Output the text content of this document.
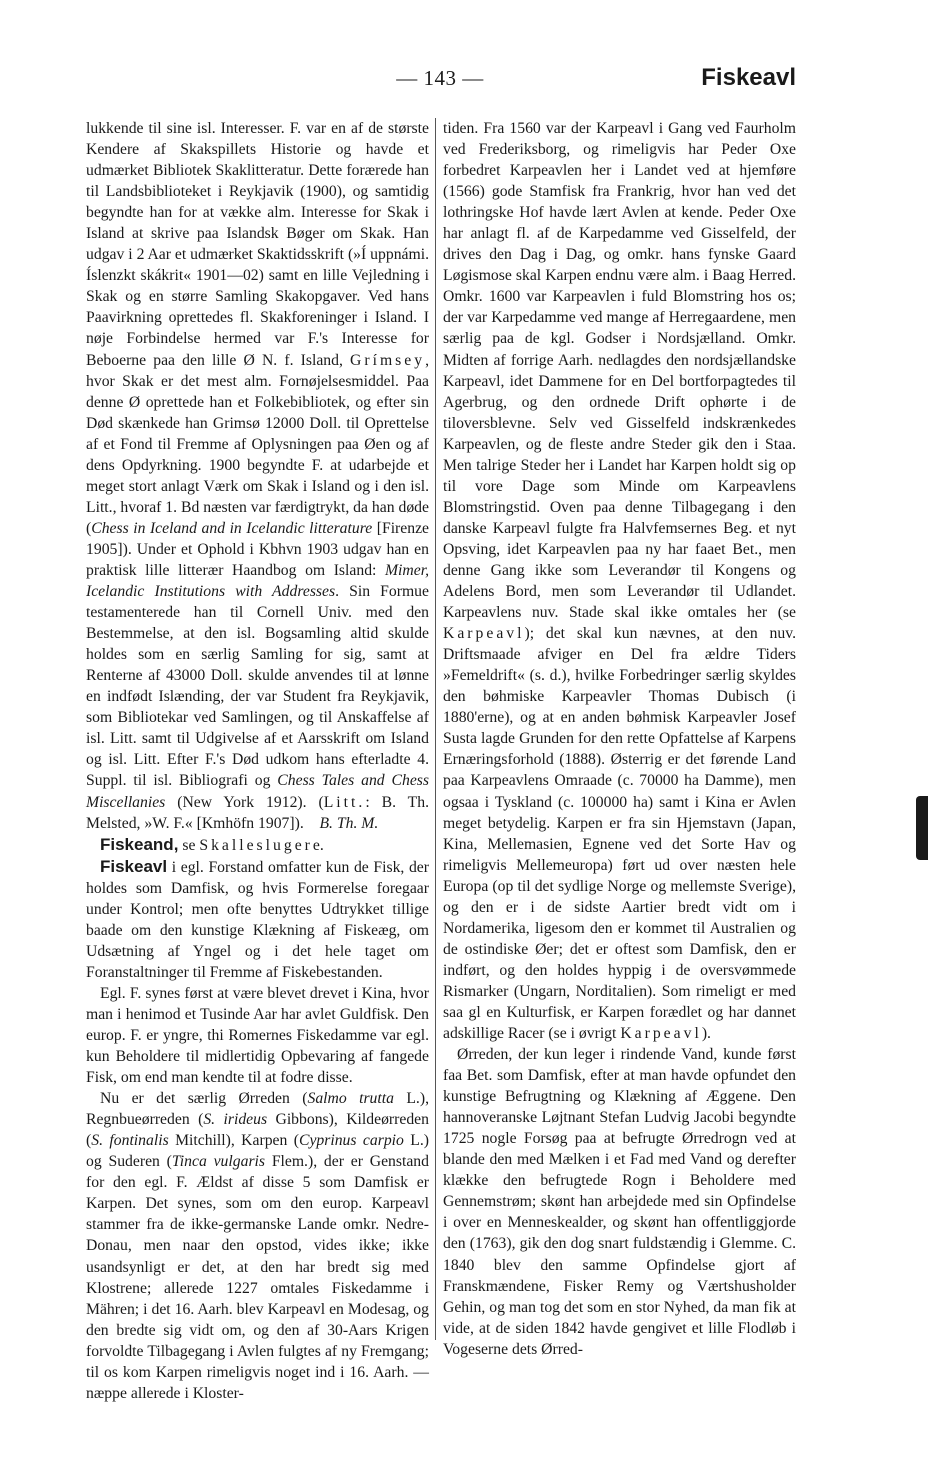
— 143 —	Fiskeavl

lukkende til sine isl. Interesser. F. var en af de største Kendere af Skakspillets Historie og havde et udmærket Bibliotek Skaklitteratur. Dette forærede han til Landsbiblioteket i Reykjavik (1900), og samtidig begyndte han for at vække alm. Interesse for Skak i Island at skrive paa Islandsk Bøger om Skak. Han udgav i 2 Aar et udmærket Skaktidsskrift (»Í uppnámi. Íslenzkt skákrit« 1901—02) samt en lille Vejledning i Skak og en større Samling Skakopgaver. Ved hans Paavirkning oprettedes fl. Skakforeninger i Island. I nøje Forbindelse hermed var F.'s Interesse for Beboerne paa den lille Ø N. f. Island, Grímsey, hvor Skak er det mest alm. Fornøjelsesmiddel. Paa denne Ø oprettede han et Folkebibliotek, og efter sin Død skænkede han Grimsø 12000 Doll. til Oprettelse af et Fond til Fremme af Oplysningen paa Øen og af dens Opdyrkning. 1900 begyndte F. at udarbejde et meget stort anlagt Værk om Skak i Island og i den isl. Litt., hvoraf 1. Bd næsten var færdigtrykt, da han døde (Chess in Iceland and in Icelandic litterature [Firenze 1905]). Under et Ophold i Kbhvn 1903 udgav han en praktisk lille litterær Haandbog om Island: Mimer, Icelandic Institutions with Addresses. Sin Formue testamenterede han til Cornell Univ. med den Bestemmelse, at den isl. Bogsamling altid skulde holdes som en særlig Samling for sig, samt at Renterne af 43000 Doll. skulde anvendes til at lønne en indfødt Islænding, der var Student fra Reykjavik, som Bibliotekar ved Samlingen, og til Anskaffelse af isl. Litt. samt til Udgivelse af et Aarsskrift om Island og isl. Litt. Efter F.'s Død udkom hans efterladte 4. Suppl. til isl. Bibliografi og Chess Tales and Chess Miscellanies (New York 1912). (Litt.: B. Th. Melsted, »W. F.« [Kmhöfn 1907]). B. Th. M.

Fiskeand, se Skalleslugere.

Fiskeavl i egl. Forstand omfatter kun de Fisk, der holdes som Damfisk, og hvis Formerelse foregaar under Kontrol; men ofte benyttes Udtrykket tillige baade om den kunstige Klækning af Fiskeæg, om Udsætning af Yngel og i det hele taget om Foranstaltninger til Fremme af Fiskebestanden.

Egl. F. synes først at være blevet drevet i Kina, hvor man i henimod et Tusinde Aar har avlet Guldfisk. Den europ. F. er yngre, thi Romernes Fiskedamme var egl. kun Beholdere til midlertidig Opbevaring af fangede Fisk, om end man kendte til at fodre disse.

Nu er det særlig Ørreden (Salmo trutta L.), Regnbueørreden (S. irideus Gibbons), Kildeørreden (S. fontinalis Mitchill), Karpen (Cyprinus carpio L.) og Suderen (Tinca vulgaris Flem.), der er Genstand for den egl. F. Ældst af disse 5 som Damfisk er Karpen. Det synes, som om den europ. Karpeavl stammer fra de ikke-germanske Lande omkr. Nedre-Donau, men naar den opstod, vides ikke; ikke usandsynligt er det, at den har bredt sig med Klostrene; allerede 1227 omtales Fiskedamme i Mähren; i det 16. Aarh. blev Karpeavl en Modesag, og den bredte sig vidt om, og den af 30-Aars Krigen forvoldte Tilbagegang i Avlen fulgtes af ny Fremgang; til os kom Karpen rimeligvis noget ind i 16. Aarh. — næppe allerede i Kloster-

tiden. Fra 1560 var der Karpeavl i Gang ved Faurholm ved Frederiksborg, og rimeligvis har Peder Oxe forbedret Karpeavlen her i Landet ved at hjemføre (1566) gode Stamfisk fra Frankrig, hvor han ved det lothringske Hof havde lært Avlen at kende. Peder Oxe har anlagt fl. af de Karpedamme ved Gisselfeld, der drives den Dag i Dag, og omkr. hans fynske Gaard Løgismose skal Karpen endnu være alm. i Baag Herred. Omkr. 1600 var Karpeavlen i fuld Blomstring hos os; der var Karpedamme ved mange af Herregaardene, men særlig paa de kgl. Godser i Nordsjælland. Omkr. Midten af forrige Aarh. nedlagdes den nordsjællandske Karpeavl, idet Dammene for en Del bortforpagtedes til Agerbrug, og den ordnede Drift ophørte i de tiloversblevne. Selv ved Gisselfeld indskrænkedes Karpeavlen, og de fleste andre Steder gik den i Staa. Men talrige Steder her i Landet har Karpen holdt sig op til vore Dage som Minde om Karpeavlens Blomstringstid. Oven paa denne Tilbagegang i den danske Karpeavl fulgte fra Halvfemsernes Beg. et nyt Opsving, idet Karpeavlen paa ny har faaet Bet., men denne Gang ikke som Leverandør til Kongens og Adelens Bord, men som Leverandør til Udlandet. Karpeavlens nuv. Stade skal ikke omtales her (se Karpeavl); det skal kun nævnes, at den nuv. Driftsmaade afviger en Del fra ældre Tiders »Femeldrift« (s. d.), hvilke Forbedringer særlig skyldes den bøhmiske Karpeavler Thomas Dubisch (i 1880'erne), og at en anden bøhmisk Karpeavler Josef Susta lagde Grunden for den rette Opfattelse af Karpens Ernæringsforhold (1888). Østerrig er det førende Land paa Karpeavlens Omraade (c. 70000 ha Damme), men ogsaa i Tyskland (c. 100000 ha) samt i Kina er Avlen meget betydelig. Karpen er fra sin Hjemstavn (Japan, Kina, Mellemasien, Egnene ved det Sorte Hav og rimeligvis Mellemeuropa) ført ud over næsten hele Europa (op til det sydlige Norge og mellemste Sverige), og den er i de sidste Aartier bredt vidt om i Nordamerika, ligesom den er kommet til Australien og de ostindiske Øer; det er oftest som Damfisk, den er indført, og den holdes hyppig i de oversvømmede Rismarker (Ungarn, Norditalien). Som rimeligt er med saa gl en Kulturfisk, er Karpen forædlet og har dannet adskillige Racer (se i øvrigt Karpeavl).

Ørreden, der kun leger i rindende Vand, kunde først faa Bet. som Damfisk, efter at man havde opfundet den kunstige Befrugtning og Klækning af Æggene. Den hannoveranske Løjtnant Stefan Ludvig Jacobi begyndte 1725 nogle Forsøg paa at befrugte Ørredrogn ved at blande den med Mælken i et Fad med Vand og derefter klække den befrugtede Rogn i Beholdere med Gennemstrøm; skønt han arbejdede med sin Opfindelse i over en Menneskealder, og skønt han offentliggjorde den (1763), gik den dog snart fuldstændig i Glemme. C. 1840 blev den samme Opfindelse gjort af Franskmændene, Fisker Remy og Værtshusholder Gehin, og man tog det som en stor Nyhed, da man fik at vide, at de siden 1842 havde gengivet et lille Flodløb i Vogeserne dets Ørred-
